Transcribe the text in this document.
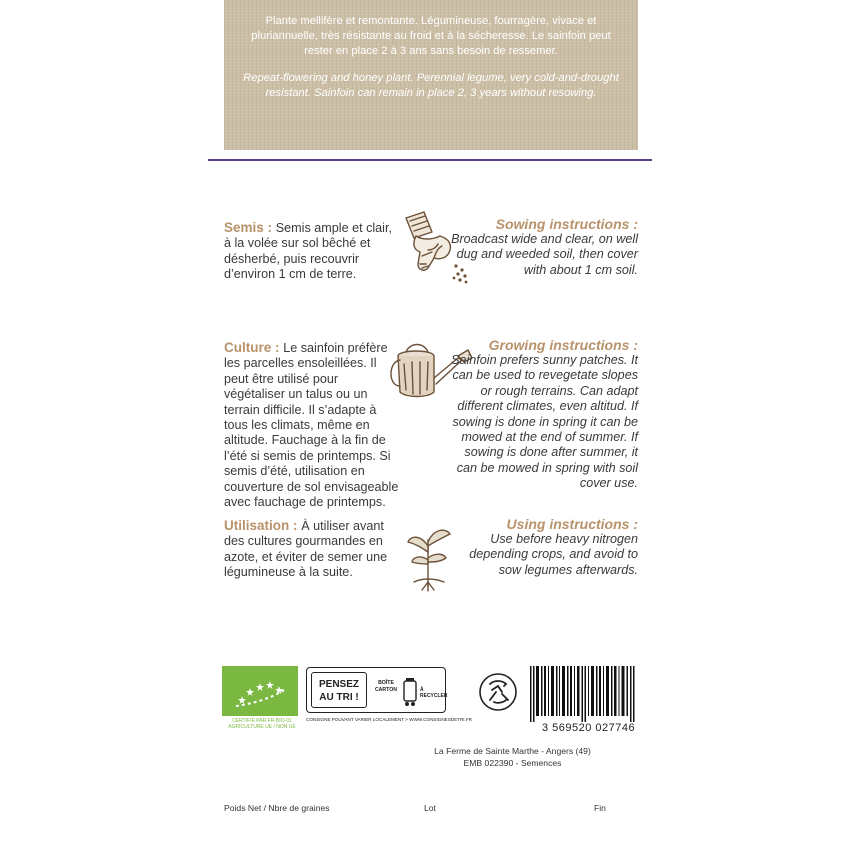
Plante mellifère et remontante. Légumineuse, fourragère, vivace et pluriannuelle, très résistante au froid et à la sécheresse. Le sainfoin peut rester en place 2 à 3 ans sans besoin de ressemer.

Repeat-flowering and honey plant. Perennial legume, very cold-and-drought resistant. Sainfoin can remain in place 2, 3 years without resowing.

Semis : Semis ample et clair, à la volée sur sol bêché et désherbé, puis recouvrir d’environ 1 cm de terre.
Sowing instructions :
Broadcast wide and clear, on well dug and weeded soil, then cover with about 1 cm soil.
Culture : Le sainfoin préfère les parcelles ensoleillées. Il peut être utilisé pour végétaliser un talus ou un terrain difficile. Il s’adapte à tous les climats, même en altitude. Fauchage à la fin de l’été si semis de printemps. Si semis d’été, utilisation en couverture de sol envisageable avec fauchage de printemps.
Growing instructions :
Sainfoin prefers sunny patches. It can be used to revegetate slopes or rough terrains. Can adapt different climates, even altitud. If sowing is done in spring it can be mowed at the end of summer. If sowing is done after summer, it can be mowed in spring with soil cover use.
Utilisation : À utiliser avant des cultures gourmandes en azote, et éviter de semer une légumineuse à la suite.
Using instructions :
Use before heavy nitrogen depending crops, and avoid to sow legumes afterwards.
CERTIFIÉ PAR FR-BIO-01
AGRICULTURE UE / NON UE
PENSEZ AU TRI !
BOÎTE
CARTON	À RECYCLER
CONSIGNE POUVANT VARIER LOCALEMENT > WWW.CONSIGNESDETRI.FR
3 569520 027746
La Ferme de Sainte Marthe - Angers (49)
EMB 022390 - Semences
Poids Net / Nbre de graines	Lot	Fin
